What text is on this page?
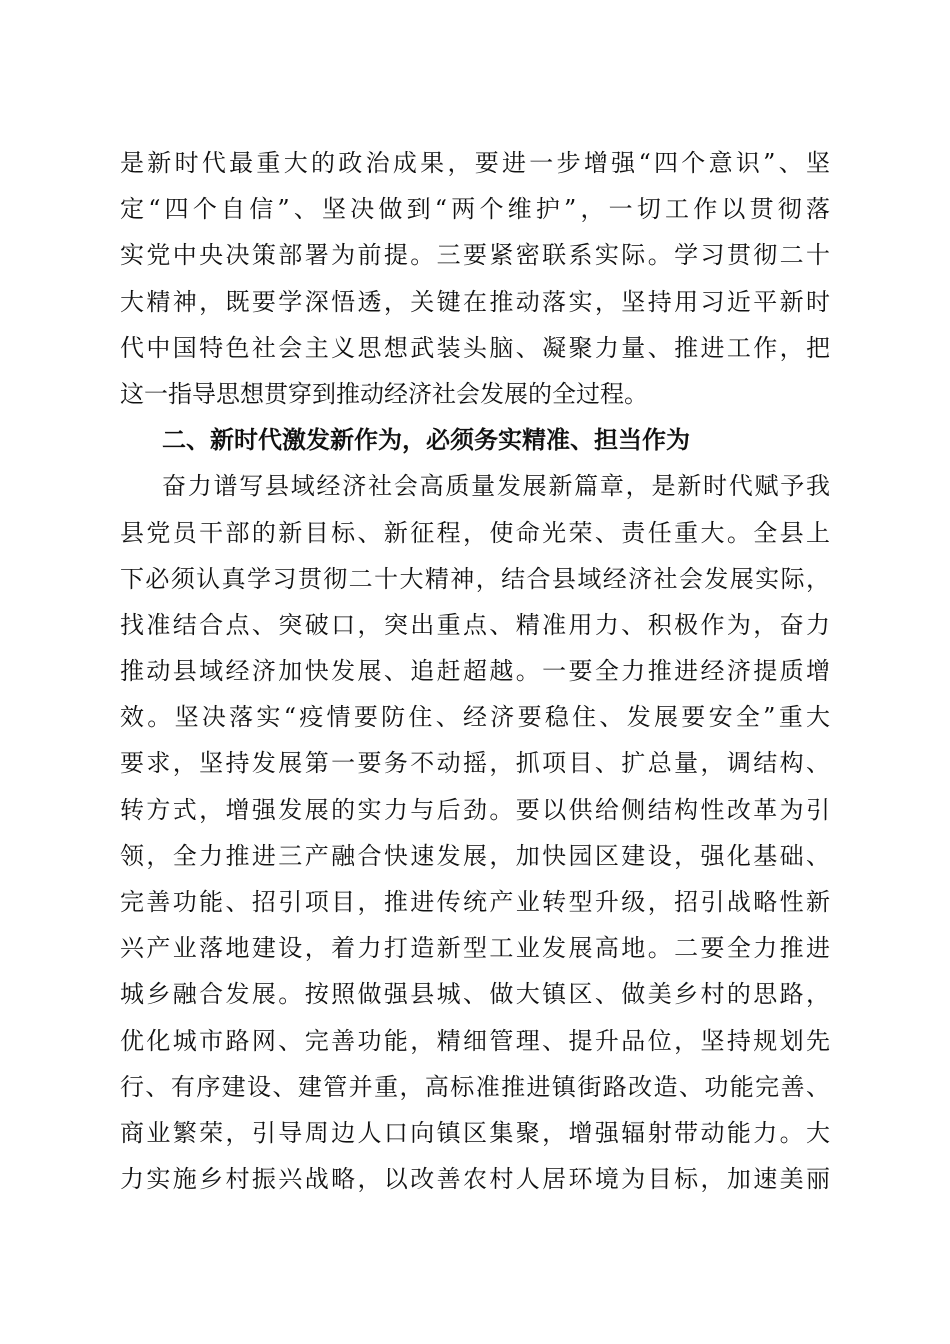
是新时代最重大的政治成果，要进一步增强“四个意识”、坚
定“四个自信”、坚决做到“两个维护”，一切工作以贯彻落
实党中央决策部署为前提。三要紧密联系实际。学习贯彻二十
大精神，既要学深悟透，关键在推动落实，坚持用习近平新时
代中国特色社会主义思想武装头脑、凝聚力量、推进工作，把
这一指导思想贯穿到推动经济社会发展的全过程。
二、新时代激发新作为，必须务实精准、担当作为
奋力谱写县域经济社会高质量发展新篇章，是新时代赋予我
县党员干部的新目标、新征程，使命光荣、责任重大。全县上
下必须认真学习贯彻二十大精神，结合县域经济社会发展实际，
找准结合点、突破口，突出重点、精准用力、积极作为，奋力
推动县域经济加快发展、追赶超越。一要全力推进经济提质增
效。坚决落实“疫情要防住、经济要稳住、发展要安全”重大
要求，坚持发展第一要务不动摇，抓项目、扩总量，调结构、
转方式，增强发展的实力与后劲。要以供给侧结构性改革为引
领，全力推进三产融合快速发展，加快园区建设，强化基础、
完善功能、招引项目，推进传统产业转型升级，招引战略性新
兴产业落地建设，着力打造新型工业发展高地。二要全力推进
城乡融合发展。按照做强县城、做大镇区、做美乡村的思路，
优化城市路网、完善功能，精细管理、提升品位，坚持规划先
行、有序建设、建管并重，高标准推进镇街路改造、功能完善、
商业繁荣，引导周边人口向镇区集聚，增强辐射带动能力。大
力实施乡村振兴战略，以改善农村人居环境为目标，加速美丽
